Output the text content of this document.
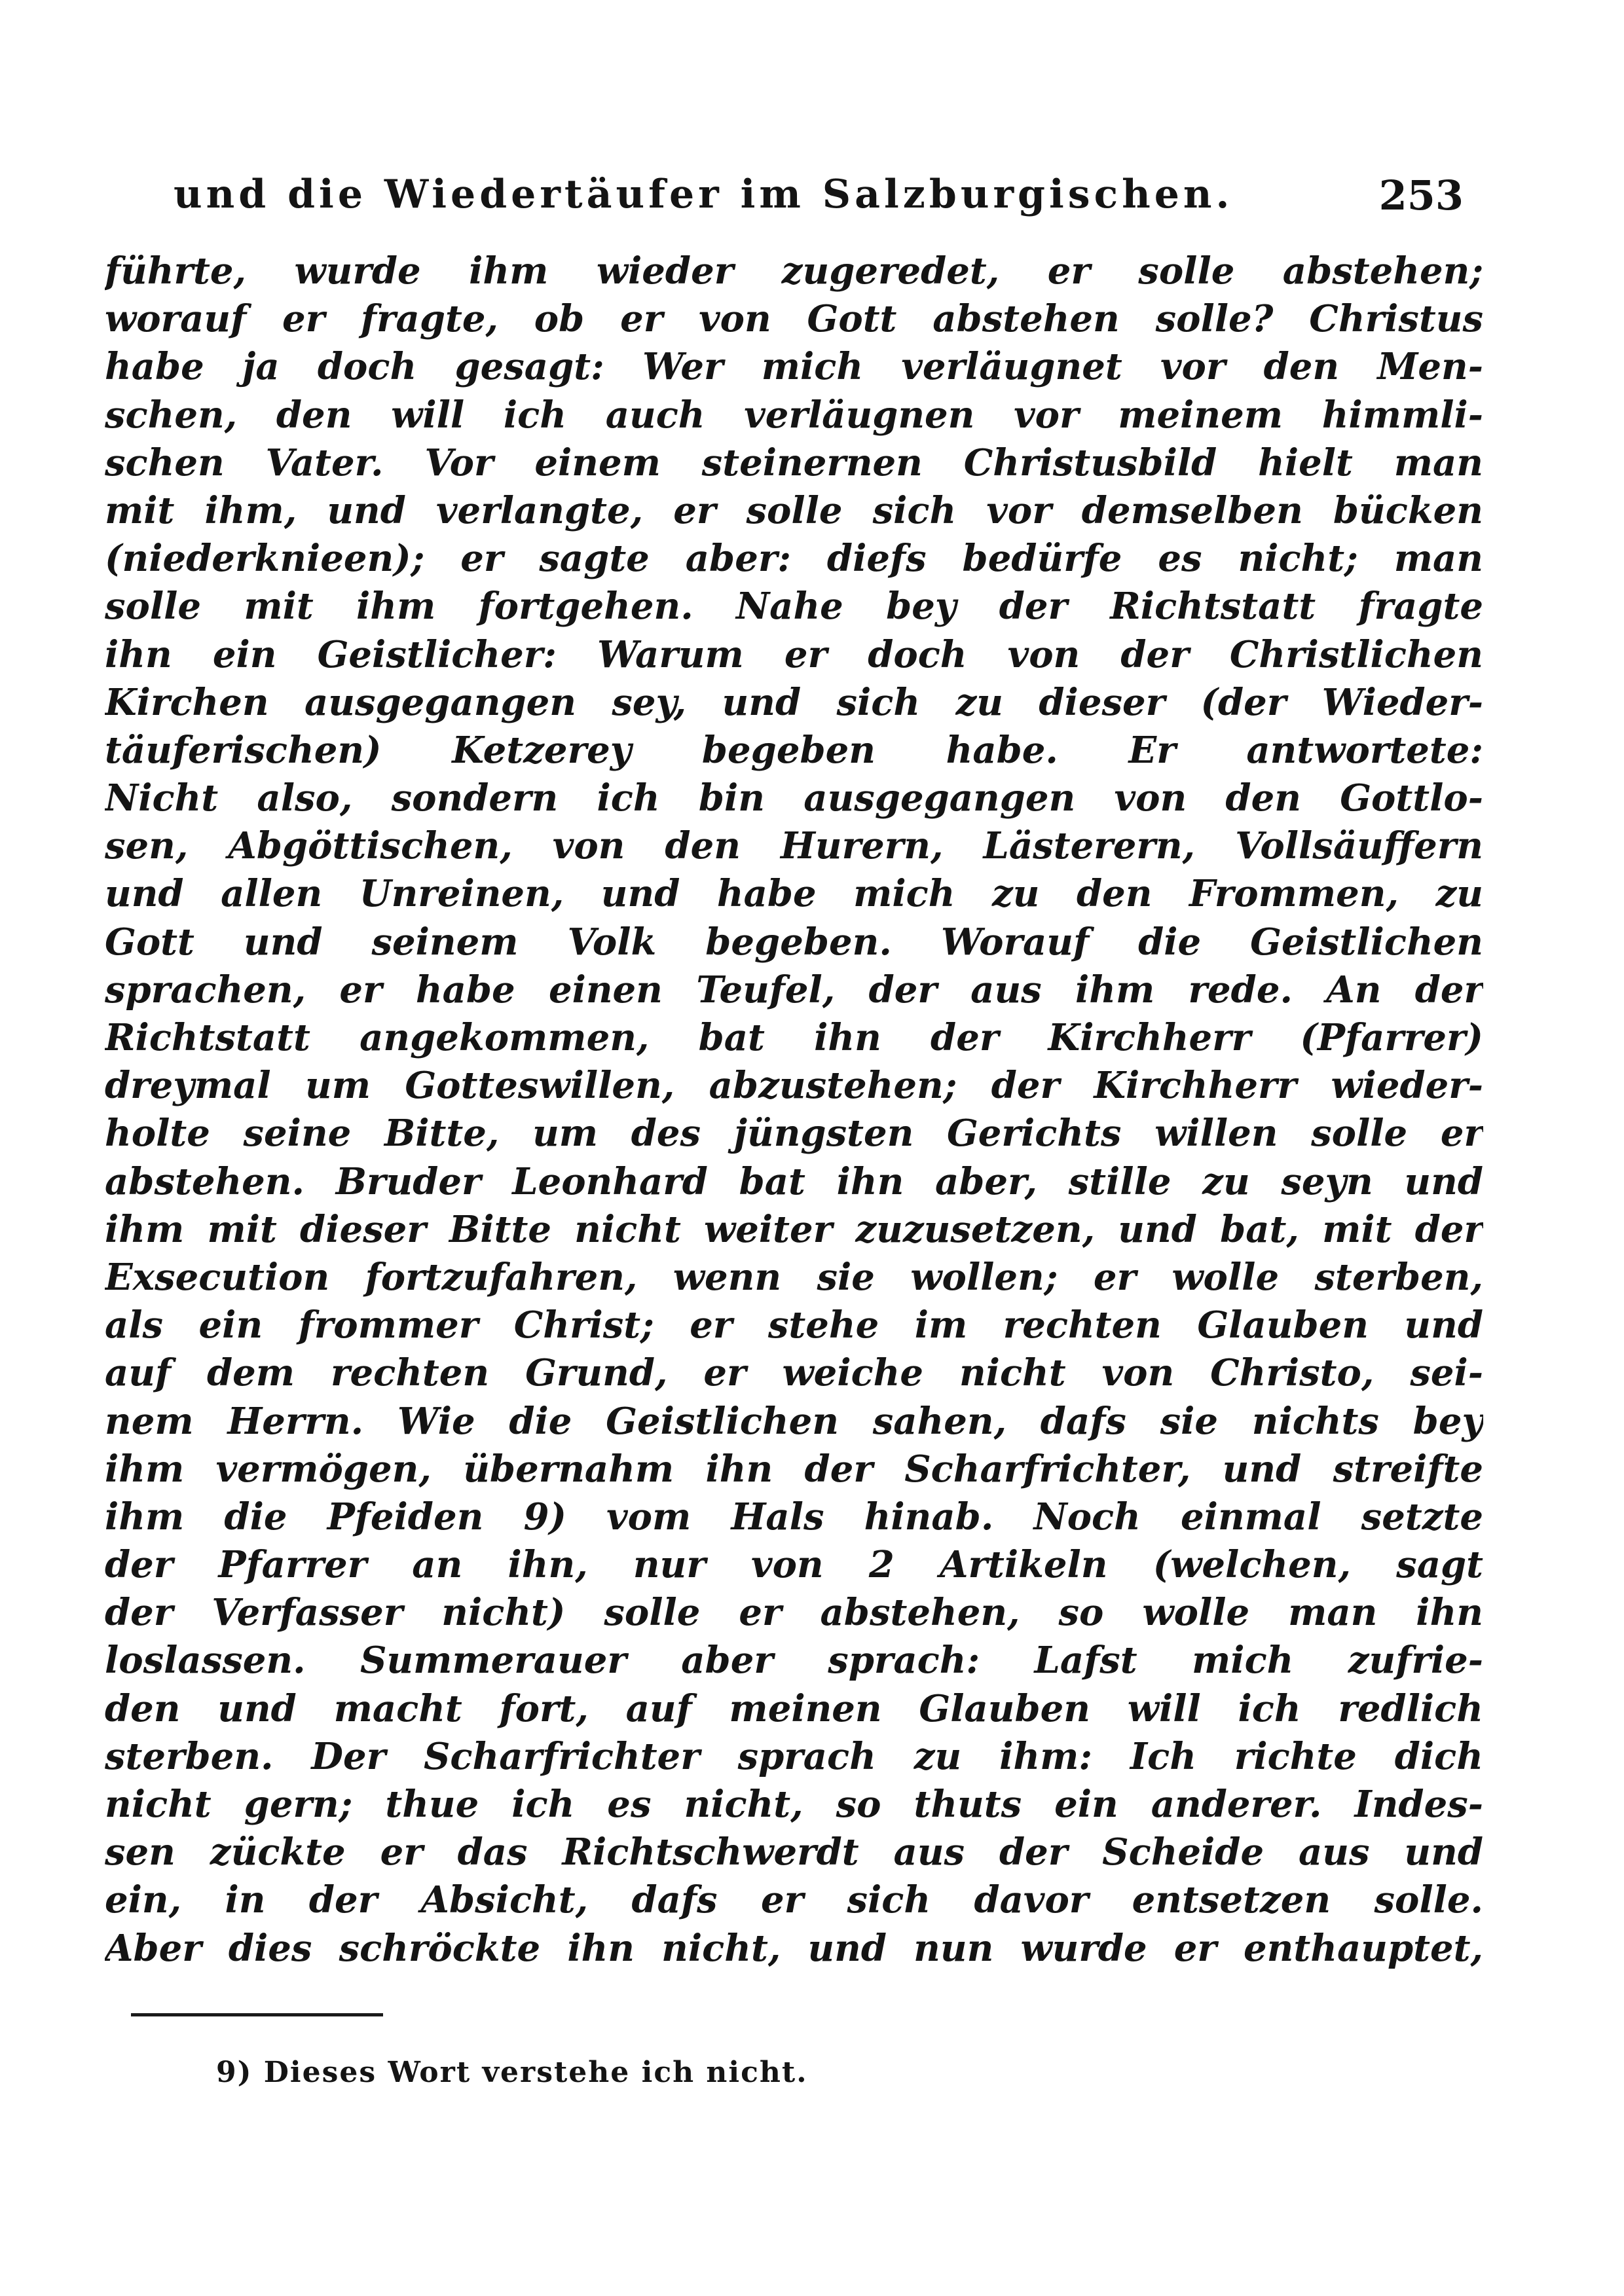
und die Wiedertäufer im Salzburgischen.	253
führte, wurde ihm wieder zugeredet, er solle abstehen;
worauf er fragte, ob er von Gott abstehen solle? Christus
habe ja doch gesagt: Wer mich verläugnet vor den Men-
schen, den will ich auch verläugnen vor meinem himmli-
schen Vater. Vor einem steinernen Christusbild hielt man
mit ihm, und verlangte, er solle sich vor demselben bücken
(niederknieen); er sagte aber: diefs bedürfe es nicht; man
solle mit ihm fortgehen. Nahe bey der Richtstatt fragte
ihn ein Geistlicher: Warum er doch von der Christlichen
Kirchen ausgegangen sey, und sich zu dieser (der Wieder-
täuferischen) Ketzerey begeben habe. Er antwortete:
Nicht also, sondern ich bin ausgegangen von den Gottlo-
sen, Abgöttischen, von den Hurern, Lästerern, Vollsäuffern
und allen Unreinen, und habe mich zu den Frommen, zu
Gott und seinem Volk begeben. Worauf die Geistlichen
sprachen, er habe einen Teufel, der aus ihm rede. An der
Richtstatt angekommen, bat ihn der Kirchherr (Pfarrer)
dreymal um Gotteswillen, abzustehen; der Kirchherr wieder-
holte seine Bitte, um des jüngsten Gerichts willen solle er
abstehen. Bruder Leonhard bat ihn aber, stille zu seyn und
ihm mit dieser Bitte nicht weiter zuzusetzen, und bat, mit der
Exsecution fortzufahren, wenn sie wollen; er wolle sterben,
als ein frommer Christ; er stehe im rechten Glauben und
auf dem rechten Grund, er weiche nicht von Christo, sei-
nem Herrn. Wie die Geistlichen sahen, dafs sie nichts bey
ihm vermögen, übernahm ihn der Scharfrichter, und streifte
ihm die Pfeiden 9) vom Hals hinab. Noch einmal setzte
der Pfarrer an ihn, nur von 2 Artikeln (welchen, sagt
der Verfasser nicht) solle er abstehen, so wolle man ihn
loslassen. Summerauer aber sprach: Lafst mich zufrie-
den und macht fort, auf meinen Glauben will ich redlich
sterben. Der Scharfrichter sprach zu ihm: Ich richte dich
nicht gern; thue ich es nicht, so thuts ein anderer. Indes-
sen zückte er das Richtschwerdt aus der Scheide aus und
ein, in der Absicht, dafs er sich davor entsetzen solle.
Aber dies schröckte ihn nicht, und nun wurde er enthauptet,
9) Dieses Wort verstehe ich nicht.
